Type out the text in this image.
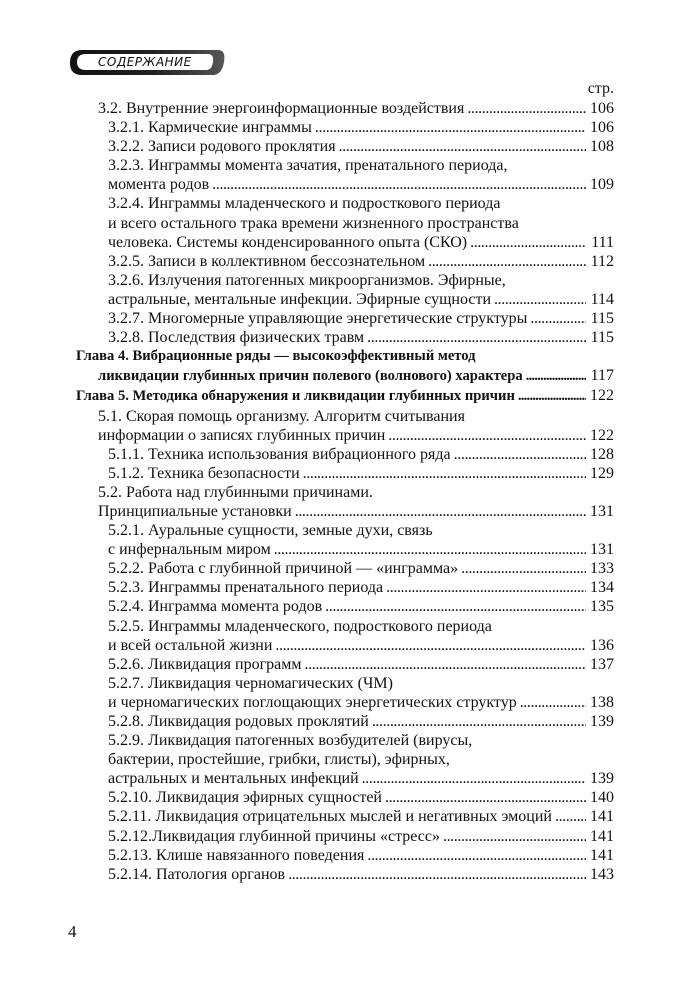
СОДЕРЖАНИЕ
стр.
3.2. Внутренние энергоинформационные воздействия . . .	106
3.2.1. Кармические инграммы . . .	106
3.2.2. Записи родового проклятия . . .	108
3.2.3. Инграммы момента зачатия, пренатального периода,
момента родов . . .	109
3.2.4. Инграммы младенческого и подросткового периода
и всего остального трака времени жизненного пространства
человека. Системы конденсированного опыта (СКО) . . .	111
3.2.5. Записи в коллективном бессознательном . . .	112
3.2.6. Излучения патогенных микроорганизмов. Эфирные,
астральные, ментальные инфекции. Эфирные сущности . . .	114
3.2.7. Многомерные управляющие энергетические структуры . . .	115
3.2.8. Последствия физических травм . . .	115
Глава 4. Вибрационные ряды — высокоэффективный метод
ликвидации глубинных причин полевого (волнового) характера . . .	117
Глава 5. Методика обнаружения и ликвидации глубинных причин . . .	122
5.1. Скорая помощь организму. Алгоритм считывания
информации о записях глубинных причин . . .	122
5.1.1. Техника использования вибрационного ряда . . .	128
5.1.2. Техника безопасности . . .	129
5.2. Работа над глубинными причинами.
Принципиальные установки . . .	131
5.2.1. Ауральные сущности, земные духи, связь
с инфернальным миром . . .	131
5.2.2. Работа с глубинной причиной — «инграмма» . . .	133
5.2.3. Инграммы пренатального периода . . .	134
5.2.4. Инграмма момента родов . . .	135
5.2.5. Инграммы младенческого, подросткового периода
и всей остальной жизни . . .	136
5.2.6. Ликвидация программ . . .	137
5.2.7. Ликвидация черномагических (ЧМ)
и черномагических поглощающих энергетических структур . . .	138
5.2.8. Ликвидация родовых проклятий . . .	139
5.2.9. Ликвидация патогенных возбудителей (вирусы,
бактерии, простейшие, грибки, глисты), эфирных,
астральных и ментальных инфекций . . .	139
5.2.10. Ликвидация эфирных сущностей . . .	140
5.2.11. Ликвидация отрицательных мыслей и негативных эмоций . . . 141
5.2.12.Ликвидация глубинной причины «стресс» . . .	141
5.2.13. Клише навязанного поведения . . .	141
5.2.14. Патология органов . . .	143
4
